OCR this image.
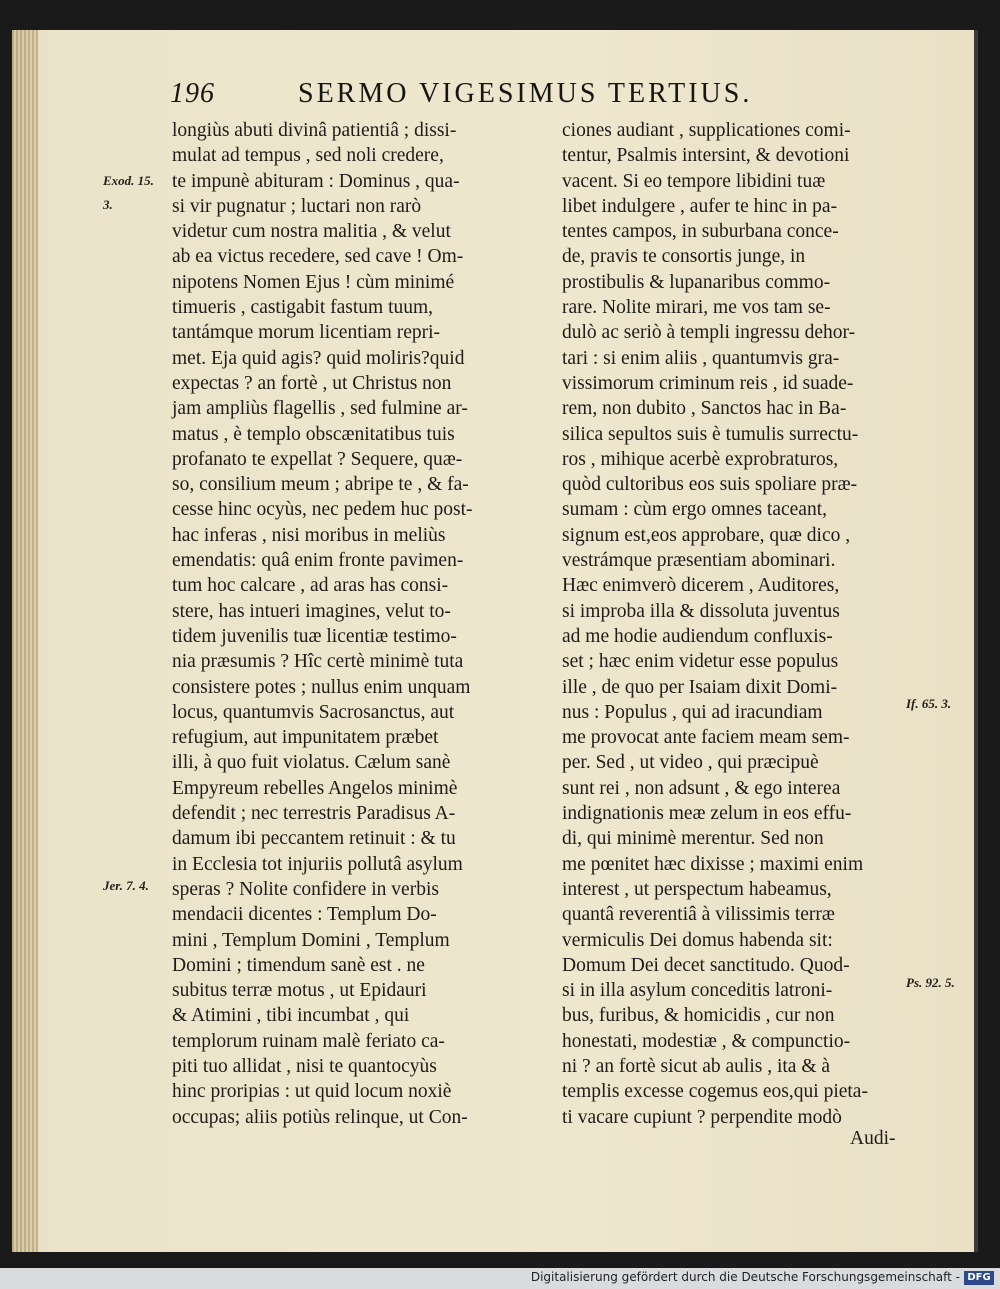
196	SERMO VIGESIMUS TERTIUS.
longiùs abuti divinâ patientiâ ; dissi-
mulat ad tempus , sed noli credere,
te impunè abituram : Dominus , qua-
si vir pugnatur ; luctari non rarò
videtur cum nostra malitia , & velut
ab ea victus recedere, sed cave ! Om-
nipotens Nomen Ejus ! cùm minimé
timueris , castigabit fastum tuum,
tantámque morum licentiam repri-
met. Eja quid agis? quid moliris?quid
expectas ? an fortè , ut Christus non
jam ampliùs flagellis , sed fulmine ar-
matus , è templo obscænitatibus tuis
profanato te expellat ? Sequere, quæ-
so, consilium meum ; abripe te , & fa-
cesse hinc ocyùs, nec pedem huc post-
hac inferas , nisi moribus in meliùs
emendatis: quâ enim fronte pavimen-
tum hoc calcare , ad aras has consi-
stere, has intueri imagines, velut to-
tidem juvenilis tuæ licentiæ testimo-
nia præsumis ? Hîc certè minimè tuta
consistere potes ; nullus enim unquam
locus, quantumvis Sacrosanctus, aut
refugium, aut impunitatem præbet
illi, à quo fuit violatus. Cælum sanè
Empyreum rebelles Angelos minimè
defendit ; nec terrestris Paradisus A-
damum ibi peccantem retinuit : & tu
in Ecclesia tot injuriis pollutâ asylum
speras ? Nolite confidere in verbis
mendacii dicentes : Templum Do-
mini , Templum Domini , Templum
Domini ; timendum sanè est . ne
subitus terræ motus , ut Epidauri
& Atimini , tibi incumbat , qui
templorum ruinam malè feriato ca-
piti tuo allidat , nisi te quantocyùs
hinc proripias : ut quid locum noxiè
occupas; aliis potiùs relinque, ut Con-
ciones audiant , supplicationes comi-
tentur, Psalmis intersint, & devotioni
vacent. Si eo tempore libidini tuæ
libet indulgere , aufer te hinc in pa-
tentes campos, in suburbana conce-
de, pravis te consortis junge, in
prostibulis & lupanaribus commo-
rare. Nolite mirari, me vos tam se-
dulò ac seriò à templi ingressu dehor-
tari : si enim aliis , quantumvis gra-
vissimorum criminum reis , id suade-
rem, non dubito , Sanctos hac in Ba-
silica sepultos suis è tumulis surrectu-
ros , mihique acerbè exprobraturos,
quòd cultoribus eos suis spoliare præ-
sumam : cùm ergo omnes taceant,
signum est,eos approbare, quæ dico ,
vestrámque præsentiam abominari.
Hæc enimverò dicerem , Auditores,
si improba illa & dissoluta juventus
ad me hodie audiendum confluxis-
set ; hæc enim videtur esse populus
ille , de quo per Isaiam dixit Domi-
nus : Populus , qui ad iracundiam
me provocat ante faciem meam sem-
per. Sed , ut video , qui præcipuè
sunt rei , non adsunt , & ego interea
indignationis meæ zelum in eos effu-
di, qui minimè merentur. Sed non
me pœnitet hæc dixisse ; maximi enim
interest , ut perspectum habeamus,
quantâ reverentiâ à vilissimis terræ
vermiculis Dei domus habenda sit:
Domum Dei decet sanctitudo. Quod-
si in illa asylum conceditis latroni-
bus, furibus, & homicidis , cur non
honestati, modestiæ , & compunctio-
ni ? an fortè sicut ab aulis , ita & à
templis excesse cogemus eos,qui pieta-
ti vacare cupiunt ? perpendite modò
Exod. 15.
3.
Jer. 7. 4.
If. 65. 3.
Ps. 92. 5.
Audi-
Digitalisierung gefördert durch die Deutsche Forschungsgemeinschaft - DFG
